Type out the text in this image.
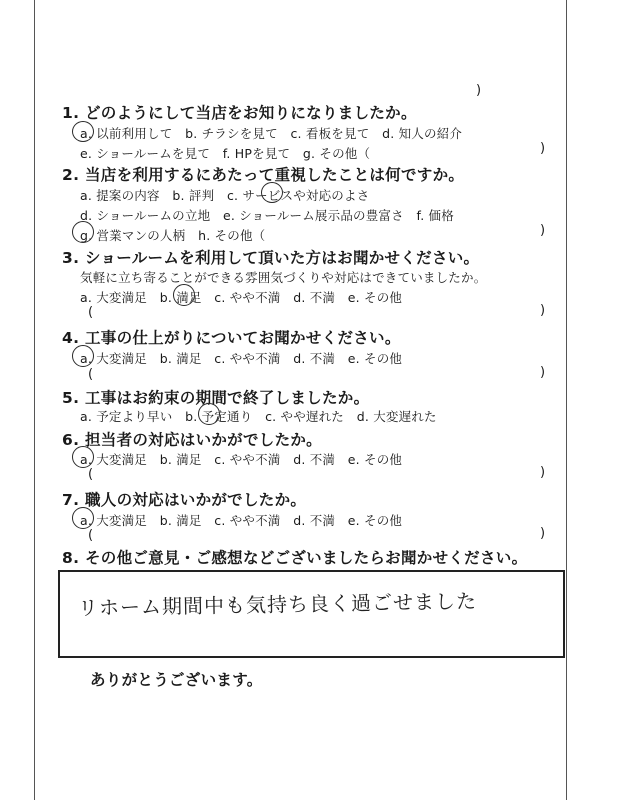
)
1. どのようにして当店をお知りになりましたか。
a. 以前利用して　b. チラシを見て　c. 看板を見て　d. 知人の紹介
e. ショールームを見て　f. HPを見て　g. その他（	)
2. 当店を利用するにあたって重視したことは何ですか。
a. 提案の内容　b. 評判　c. サービスや対応のよさ
d. ショールームの立地　e. ショールーム展示品の豊富さ　f. 価格
g. 営業マンの人柄　h. その他（	)
3. ショールームを利用して頂いた方はお聞かせください。
気軽に立ち寄ることができる雰囲気づくりや対応はできていましたか。
a. 大変満足　b. 満足　c. やや不満　d. 不満　e. その他
(	)
4. 工事の仕上がりについてお聞かせください。
a. 大変満足　b. 満足　c. やや不満　d. 不満　e. その他
(	)
5. 工事はお約束の期間で終了しましたか。
a. 予定より早い　b. 予定通り　c. やや遅れた　d. 大変遅れた
6. 担当者の対応はいかがでしたか。
a. 大変満足　b. 満足　c. やや不満　d. 不満　e. その他
(	)
7. 職人の対応はいかがでしたか。
a. 大変満足　b. 満足　c. やや不満　d. 不満　e. その他
(	)
8. その他ご意見・ご感想などございましたらお聞かせください。
リホーム期間中も気持ち良く過ごせました
ありがとうございます。
